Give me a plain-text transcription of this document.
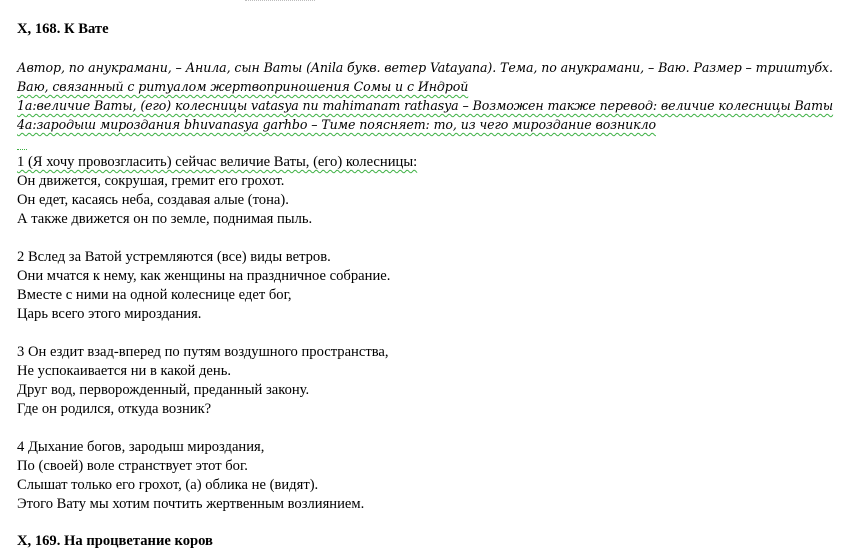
X, 168. К Вате
Автор, по анукрамани, – Анила, сын Ваты (Anila букв. ветер Vatayana). Тема, по анукрамани, – Ваю. Размер – триштубх.
Ваю, связанный с ритуалом жертвоприношения Сомы и с Индрой
1a:величие Ваты, (его) колесницы vatasya nu mahimanam rathasya – Возможен также перевод: величие колесницы Ваты
4a:зародыш мироздания bhuvanasya garhbo – Тиме поясняет: то, из чего мироздание возникло
1 (Я хочу провозгласить) сейчас величие Ваты, (его) колесницы:
Он движется, сокрушая, гремит его грохот.
Он едет, касаясь неба, создавая алые (тона).
А также движется он по земле, поднимая пыль.
2 Вслед за Ватой устремляются (все) виды ветров.
Они мчатся к нему, как женщины на праздничное собрание.
Вместе с ними на одной колеснице едет бог,
Царь всего этого мироздания.
3 Он ездит взад-вперед по путям воздушного пространства,
Не успокаивается ни в какой день.
Друг вод, перворожденный, преданный закону.
Где он родился, откуда возник?
4 Дыхание богов, зародыш мироздания,
По (своей) воле странствует этот бог.
Слышат только его грохот, (а) облика не (видят).
Этого Вату мы хотим почтить жертвенным возлиянием.
X, 169. На процветание коров
